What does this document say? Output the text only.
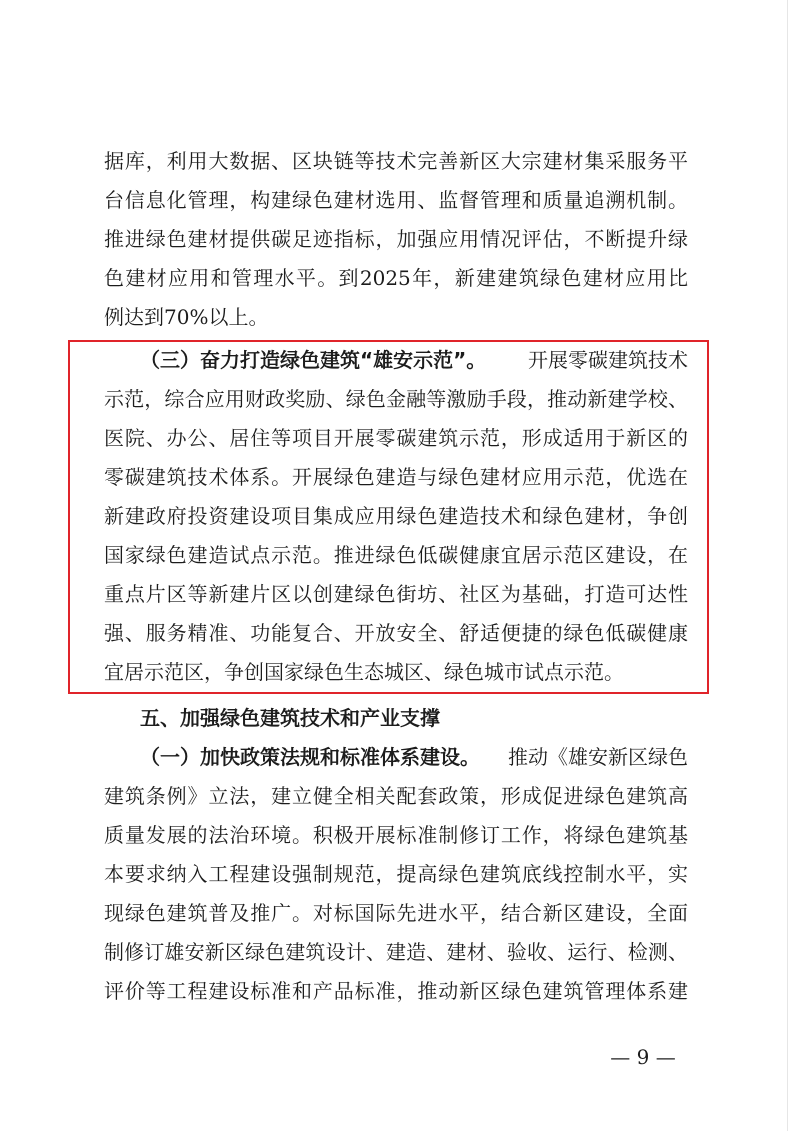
据库，利用大数据、区块链等技术完善新区大宗建材集采服务平
台信息化管理，构建绿色建材选用、监督管理和质量追溯机制。
推进绿色建材提供碳足迹指标，加强应用情况评估，不断提升绿
色建材应用和管理水平。到2025年，新建建筑绿色建材应用比
例达到70%以上。
（三）奋力打造绿色建筑“雄安示范”。 开展零碳建筑技术
示范，综合应用财政奖励、绿色金融等激励手段，推动新建学校、
医院、办公、居住等项目开展零碳建筑示范，形成适用于新区的
零碳建筑技术体系。开展绿色建造与绿色建材应用示范，优选在
新建政府投资建设项目集成应用绿色建造技术和绿色建材，争创
国家绿色建造试点示范。推进绿色低碳健康宜居示范区建设，在
重点片区等新建片区以创建绿色街坊、社区为基础，打造可达性
强、服务精准、功能复合、开放安全、舒适便捷的绿色低碳健康
宜居示范区，争创国家绿色生态城区、绿色城市试点示范。
五、加强绿色建筑技术和产业支撑
（一）加快政策法规和标准体系建设。 推动《雄安新区绿色
建筑条例》立法，建立健全相关配套政策，形成促进绿色建筑高
质量发展的法治环境。积极开展标准制修订工作，将绿色建筑基
本要求纳入工程建设强制规范，提高绿色建筑底线控制水平，实
现绿色建筑普及推广。对标国际先进水平，结合新区建设，全面
制修订雄安新区绿色建筑设计、建造、建材、验收、运行、检测、
评价等工程建设标准和产品标准，推动新区绿色建筑管理体系建
— 9 —
